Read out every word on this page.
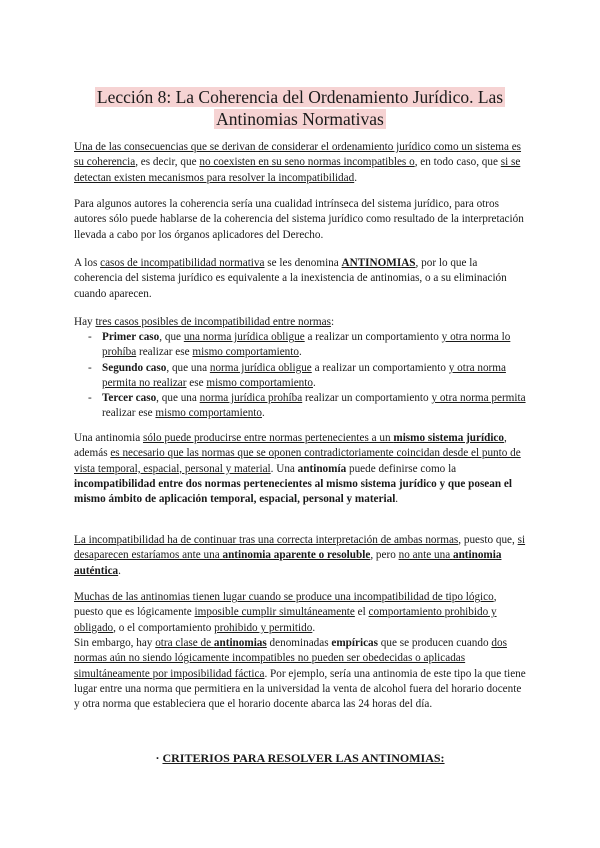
Lección 8: La Coherencia del Ordenamiento Jurídico. Las
Antinomias Normativas
Una de las consecuencias que se derivan de considerar el ordenamiento jurídico como un sistema es su coherencia, es decir, que no coexisten en su seno normas incompatibles o, en todo caso, que si se detectan existen mecanismos para resolver la incompatibilidad.
Para algunos autores la coherencia sería una cualidad intrínseca del sistema jurídico, para otros autores sólo puede hablarse de la coherencia del sistema jurídico como resultado de la interpretación llevada a cabo por los órganos aplicadores del Derecho.
A los casos de incompatibilidad normativa se les denomina ANTINOMIAS, por lo que la coherencia del sistema jurídico es equivalente a la inexistencia de antinomias, o a su eliminación cuando aparecen.
Hay tres casos posibles de incompatibilidad entre normas:
- Primer caso, que una norma jurídica obligue a realizar un comportamiento y otra norma lo prohíba realizar ese mismo comportamiento.
- Segundo caso, que una norma jurídica obligue a realizar un comportamiento y otra norma permita no realizar ese mismo comportamiento.
- Tercer caso, que una norma jurídica prohíba realizar un comportamiento y otra norma permita realizar ese mismo comportamiento.
Una antinomia sólo puede producirse entre normas pertenecientes a un mismo sistema jurídico, además es necesario que las normas que se oponen contradictoriamente coincidan desde el punto de vista temporal, espacial, personal y material. Una antinomía puede definirse como la incompatibilidad entre dos normas pertenecientes al mismo sistema jurídico y que posean el mismo ámbito de aplicación temporal, espacial, personal y material.
La incompatibilidad ha de continuar tras una correcta interpretación de ambas normas, puesto que, si desaparecen estaríamos ante una antinomia aparente o resoluble, pero no ante una antinomia auténtica.
Muchas de las antinomias tienen lugar cuando se produce una incompatibilidad de tipo lógico, puesto que es lógicamente imposible cumplir simultáneamente el comportamiento prohibido y obligado, o el comportamiento prohibido y permitido.
Sin embargo, hay otra clase de antinomias denominadas empíricas que se producen cuando dos normas aún no siendo lógicamente incompatibles no pueden ser obedecidas o aplicadas simultáneamente por imposibilidad fáctica. Por ejemplo, sería una antinomia de este tipo la que tiene lugar entre una norma que permitiera en la universidad la venta de alcohol fuera del horario docente y otra norma que estableciera que el horario docente abarca las 24 horas del día.
· CRITERIOS PARA RESOLVER LAS ANTINOMIAS:
